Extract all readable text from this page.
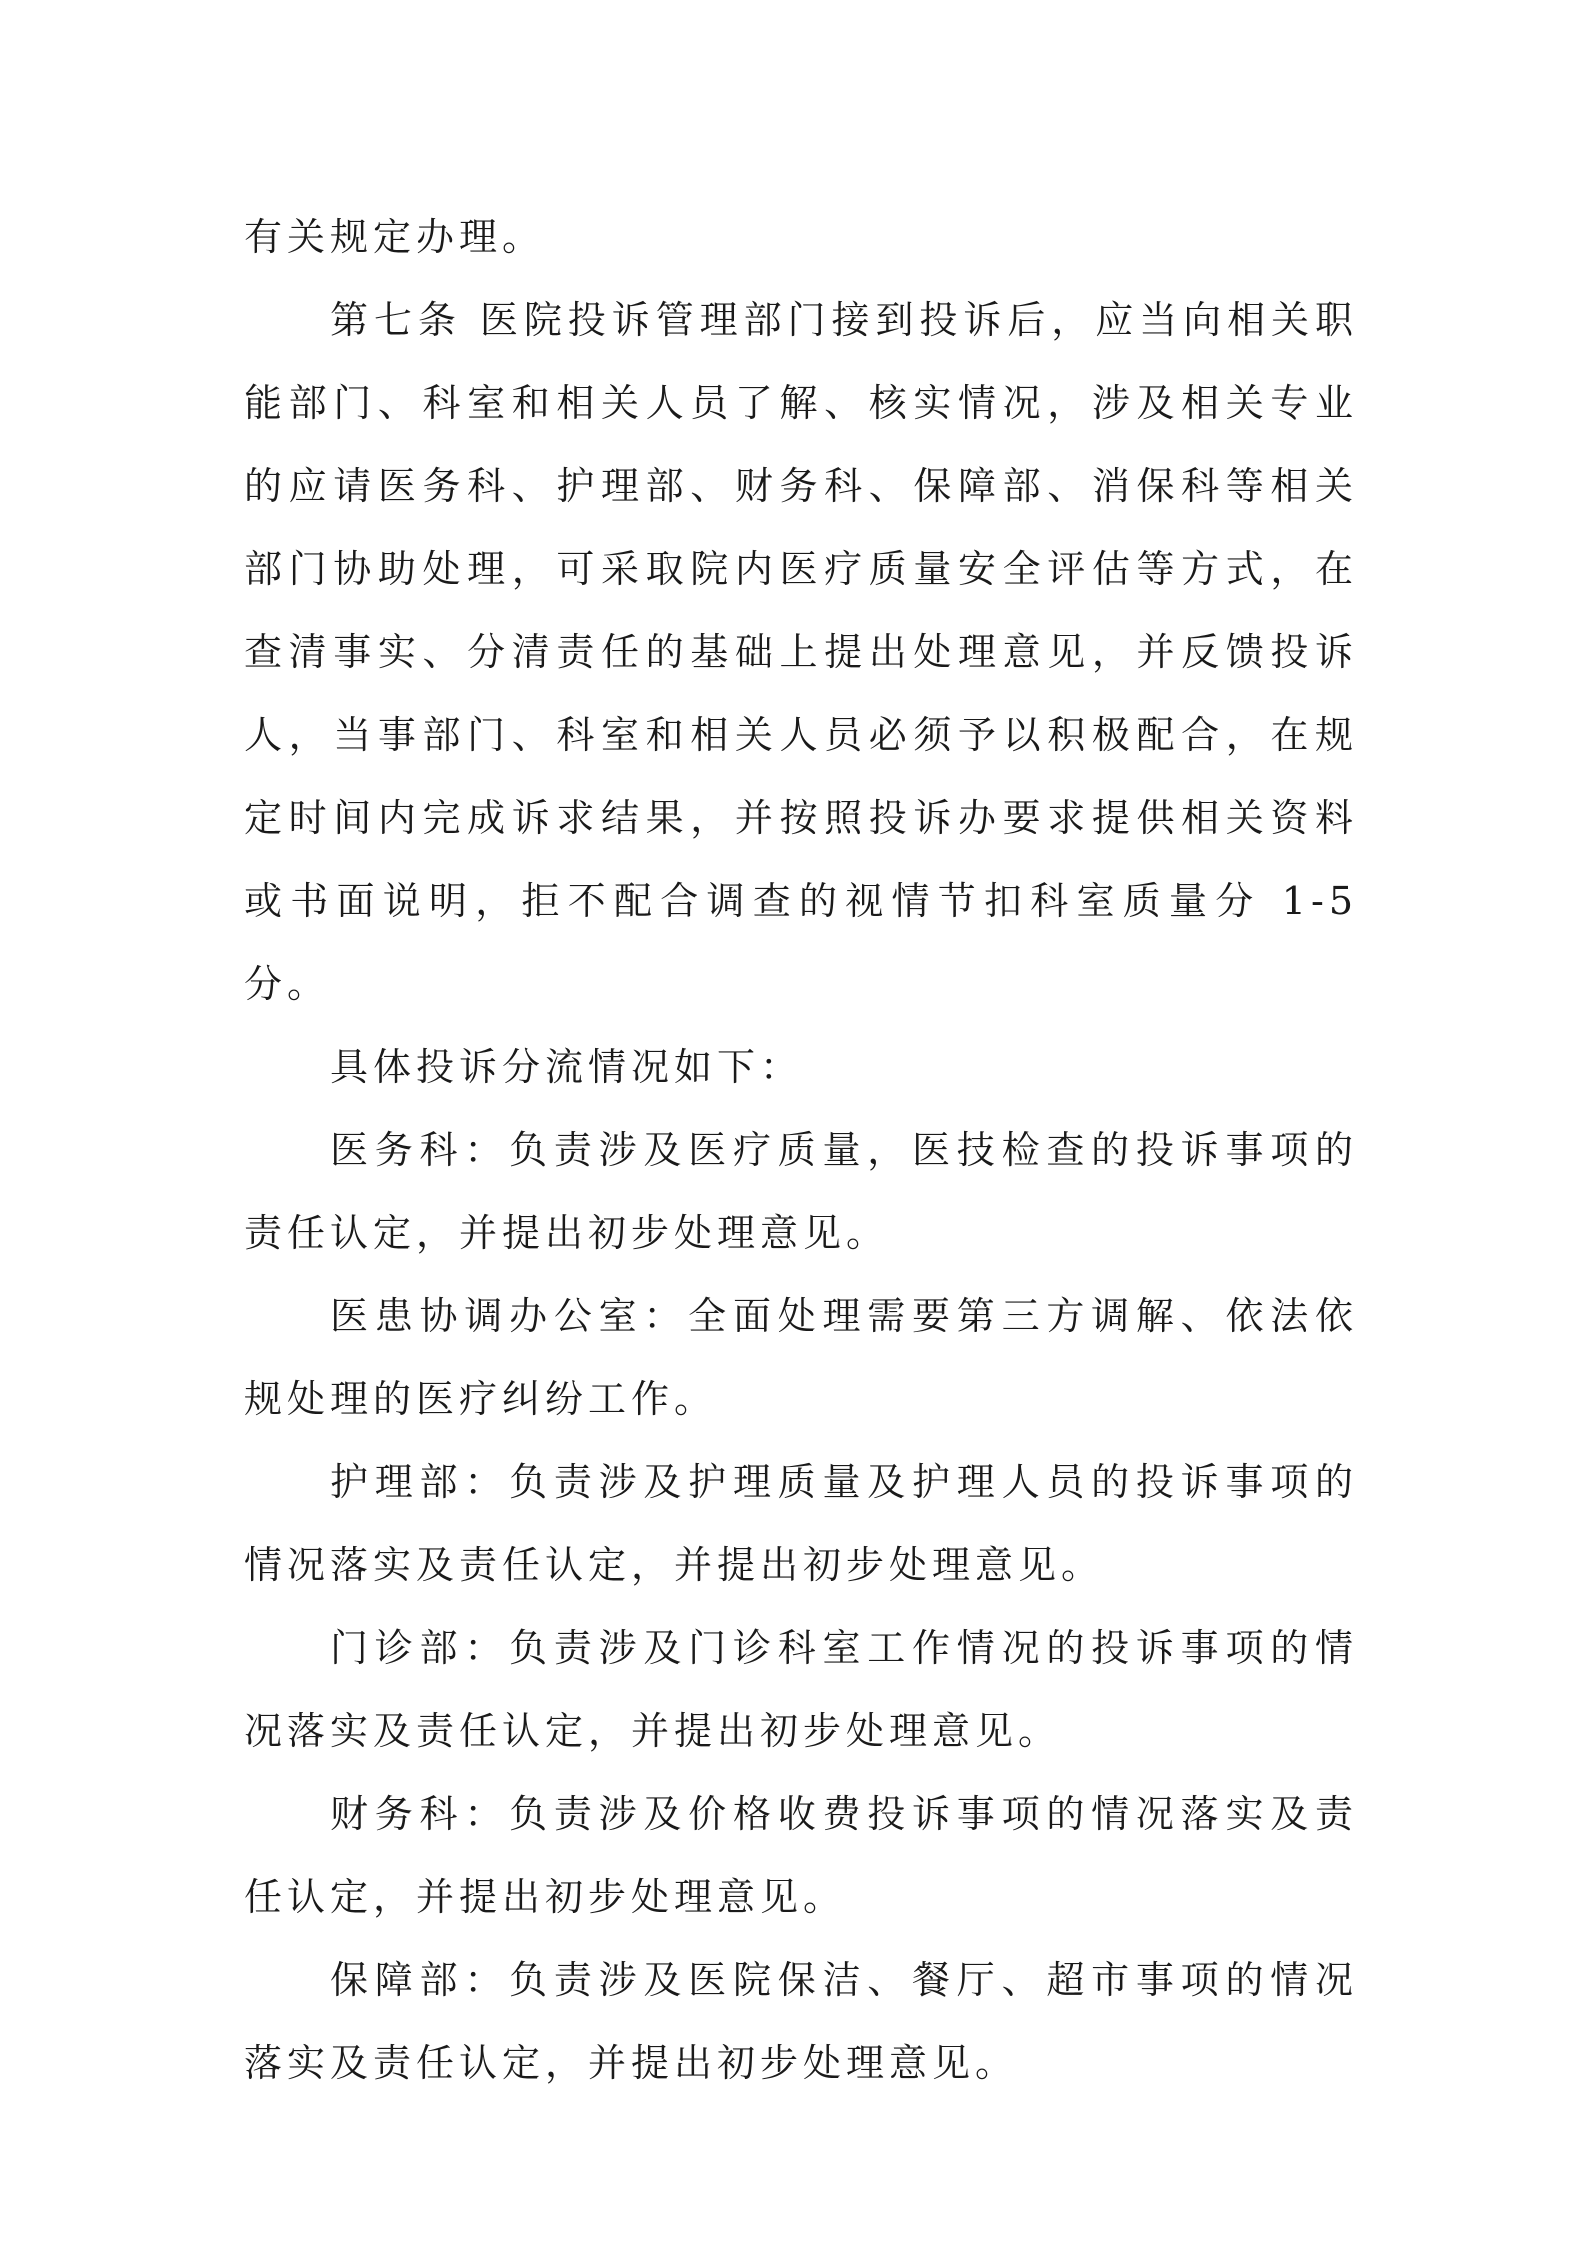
有关规定办理。

第七条 医院投诉管理部门接到投诉后，应当向相关职能部门、科室和相关人员了解、核实情况，涉及相关专业的应请医务科、护理部、财务科、保障部、消保科等相关部门协助处理，可采取院内医疗质量安全评估等方式，在查清事实、分清责任的基础上提出处理意见，并反馈投诉人，当事部门、科室和相关人员必须予以积极配合，在规定时间内完成诉求结果，并按照投诉办要求提供相关资料或书面说明，拒不配合调查的视情节扣科室质量分 1-5 分。

具体投诉分流情况如下：

医务科：负责涉及医疗质量，医技检查的投诉事项的责任认定，并提出初步处理意见。

医患协调办公室：全面处理需要第三方调解、依法依规处理的医疗纠纷工作。

护理部：负责涉及护理质量及护理人员的投诉事项的情况落实及责任认定，并提出初步处理意见。

门诊部：负责涉及门诊科室工作情况的投诉事项的情况落实及责任认定，并提出初步处理意见。

财务科：负责涉及价格收费投诉事项的情况落实及责任认定，并提出初步处理意见。

保障部：负责涉及医院保洁、餐厅、超市事项的情况落实及责任认定，并提出初步处理意见。
